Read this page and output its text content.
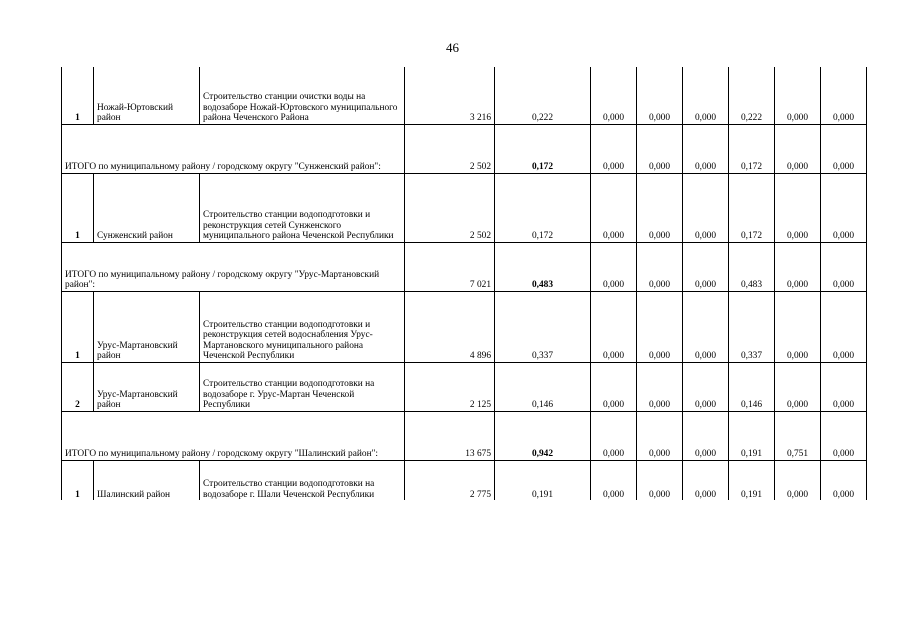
46
1	Ножай-Юртовский район	Строительство станции очистки воды на водозаборе Ножай-Юртовского муниципального района Чеченского Района	3 216	0,222	0,000	0,000	0,000	0,222	0,000	0,000
ИТОГО по муниципальному району / городскому округу "Сунженский район":			2 502	0,172	0,000	0,000	0,000	0,172	0,000	0,000
1	Сунженский район	Строительство станции водоподготовки и реконструкция сетей Сунженского муниципального района Чеченской Республики	2 502	0,172	0,000	0,000	0,000	0,172	0,000	0,000
ИТОГО по муниципальному району / городскому округу "Урус-Мартановский район":			7 021	0,483	0,000	0,000	0,000	0,483	0,000	0,000
1	Урус-Мартановский район	Строительство станции водоподготовки и реконструкция сетей водоснабления Урус-Мартановского муниципального района Чеченской Республики	4 896	0,337	0,000	0,000	0,000	0,337	0,000	0,000
2	Урус-Мартановский район	Строительство станции водоподготовки на водозаборе г. Урус-Мартан Чеченской Республики	2 125	0,146	0,000	0,000	0,000	0,146	0,000	0,000
ИТОГО по муниципальному району / городскому округу "Шалинский район":			13 675	0,942	0,000	0,000	0,000	0,191	0,751	0,000
1	Шалинский район	Строительство станции водоподготовки на водозаборе г. Шали Чеченской Республики	2 775	0,191	0,000	0,000	0,000	0,191	0,000	0,000
